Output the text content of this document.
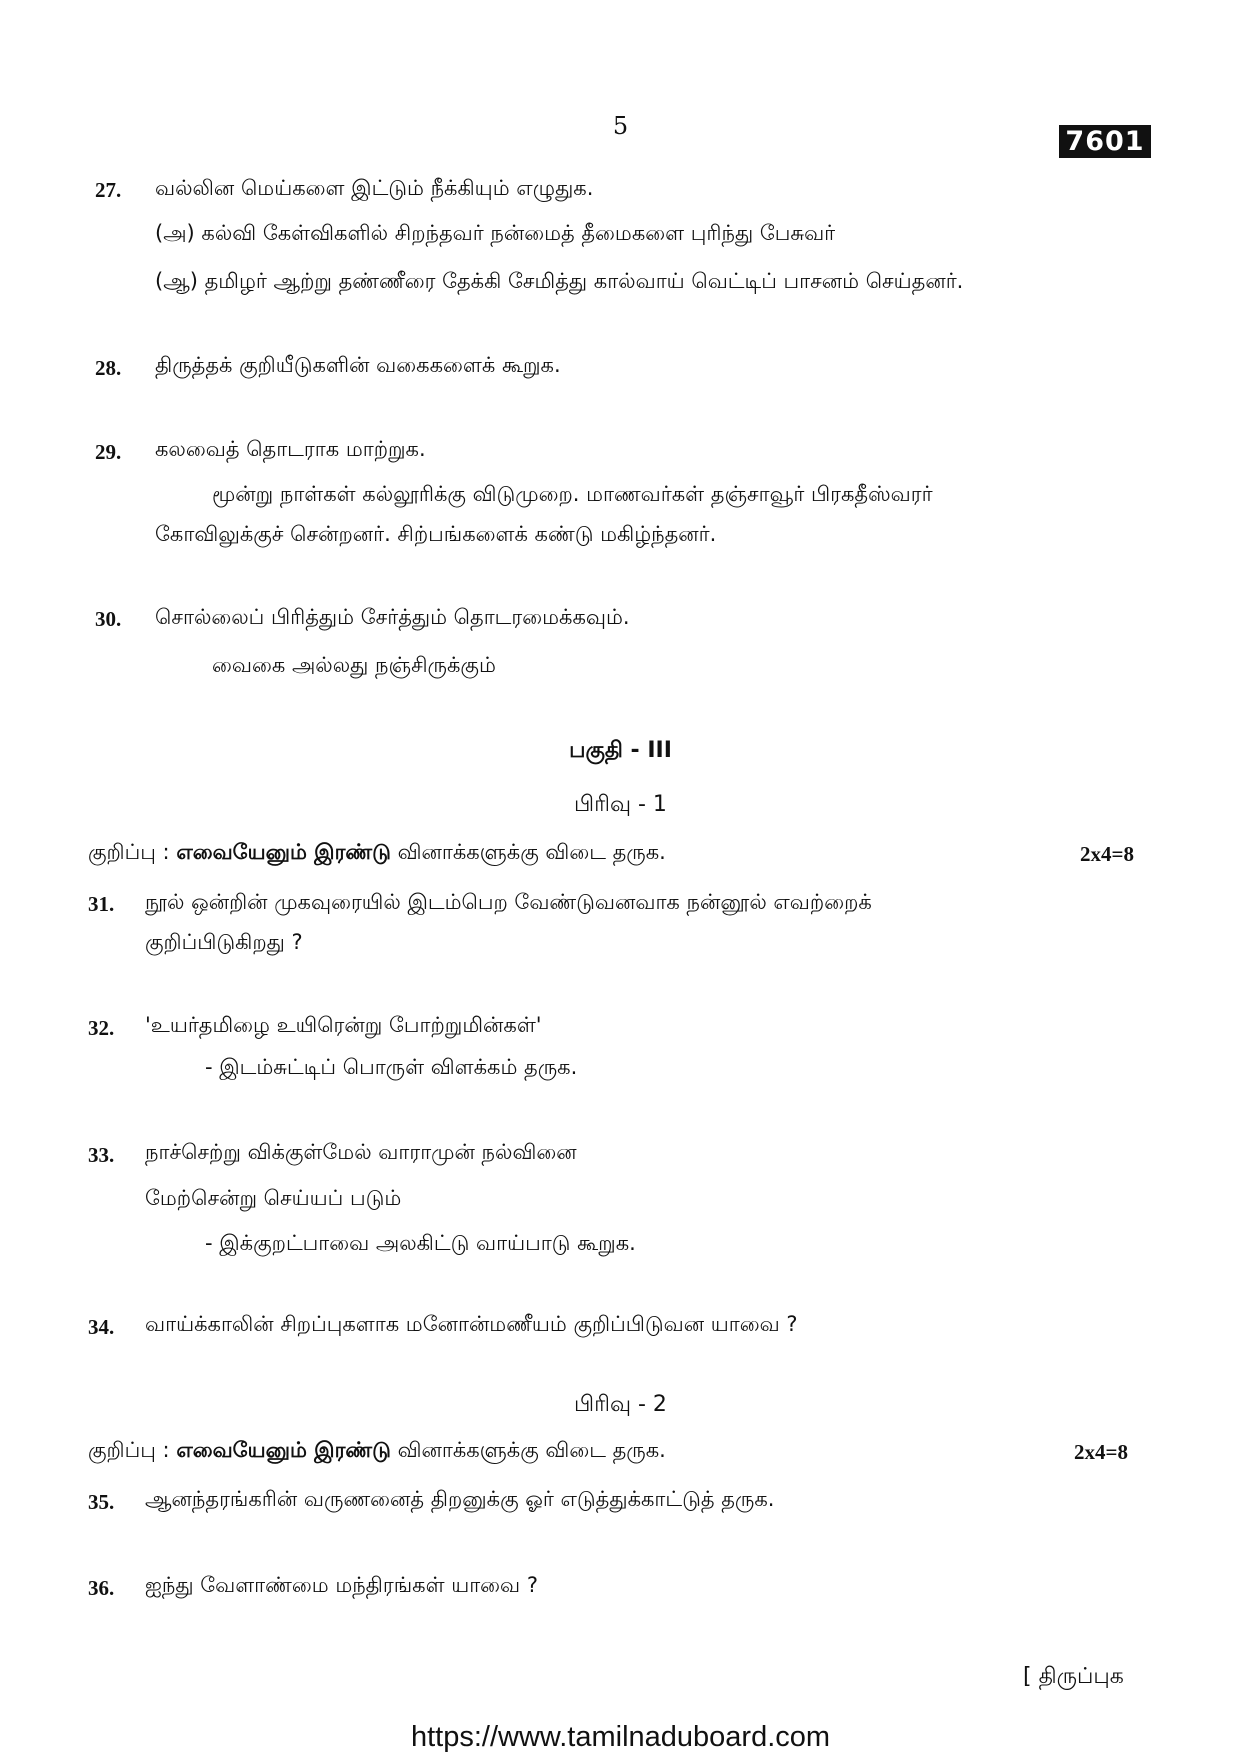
5	7601
27. வல்லின மெய்களை இட்டும் நீக்கியும் எழுதுக.
(அ) கல்வி கேள்விகளில் சிறந்தவர் நன்மைத் தீமைகளை புரிந்து பேசுவர்
(ஆ) தமிழர் ஆற்று தண்ணீரை தேக்கி சேமித்து கால்வாய் வெட்டிப் பாசனம் செய்தனர்.
28. திருத்தக் குறியீடுகளின் வகைகளைக் கூறுக.
29. கலவைத் தொடராக மாற்றுக.
மூன்று நாள்கள் கல்லூரிக்கு விடுமுறை. மாணவர்கள் தஞ்சாவூர் பிரகதீஸ்வரர்
கோவிலுக்குச் சென்றனர். சிற்பங்களைக் கண்டு மகிழ்ந்தனர்.
30. சொல்லைப் பிரித்தும் சேர்த்தும் தொடரமைக்கவும்.
வைகை அல்லது நஞ்சிருக்கும்
பகுதி - III
பிரிவு - 1
குறிப்பு : எவையேனும் இரண்டு வினாக்களுக்கு விடை தருக.	2x4=8
31. நூல் ஒன்றின் முகவுரையில் இடம்பெற வேண்டுவனவாக நன்னூல் எவற்றைக்
குறிப்பிடுகிறது ?
32. 'உயர்தமிழை உயிரென்று போற்றுமின்கள்'
- இடம்சுட்டிப் பொருள் விளக்கம் தருக.
33. நாச்செற்று விக்குள்மேல் வாராமுன் நல்வினை
மேற்சென்று செய்யப் படும்
- இக்குறட்பாவை அலகிட்டு வாய்பாடு கூறுக.
34. வாய்க்காலின் சிறப்புகளாக மனோன்மணீயம் குறிப்பிடுவன யாவை ?
பிரிவு - 2
குறிப்பு : எவையேனும் இரண்டு வினாக்களுக்கு விடை தருக.	2x4=8
35. ஆனந்தரங்கரின் வருணனைத் திறனுக்கு ஓர் எடுத்துக்காட்டுத் தருக.
36. ஐந்து வேளாண்மை மந்திரங்கள் யாவை ?
[ திருப்புக
https://www.tamilnaduboard.com
